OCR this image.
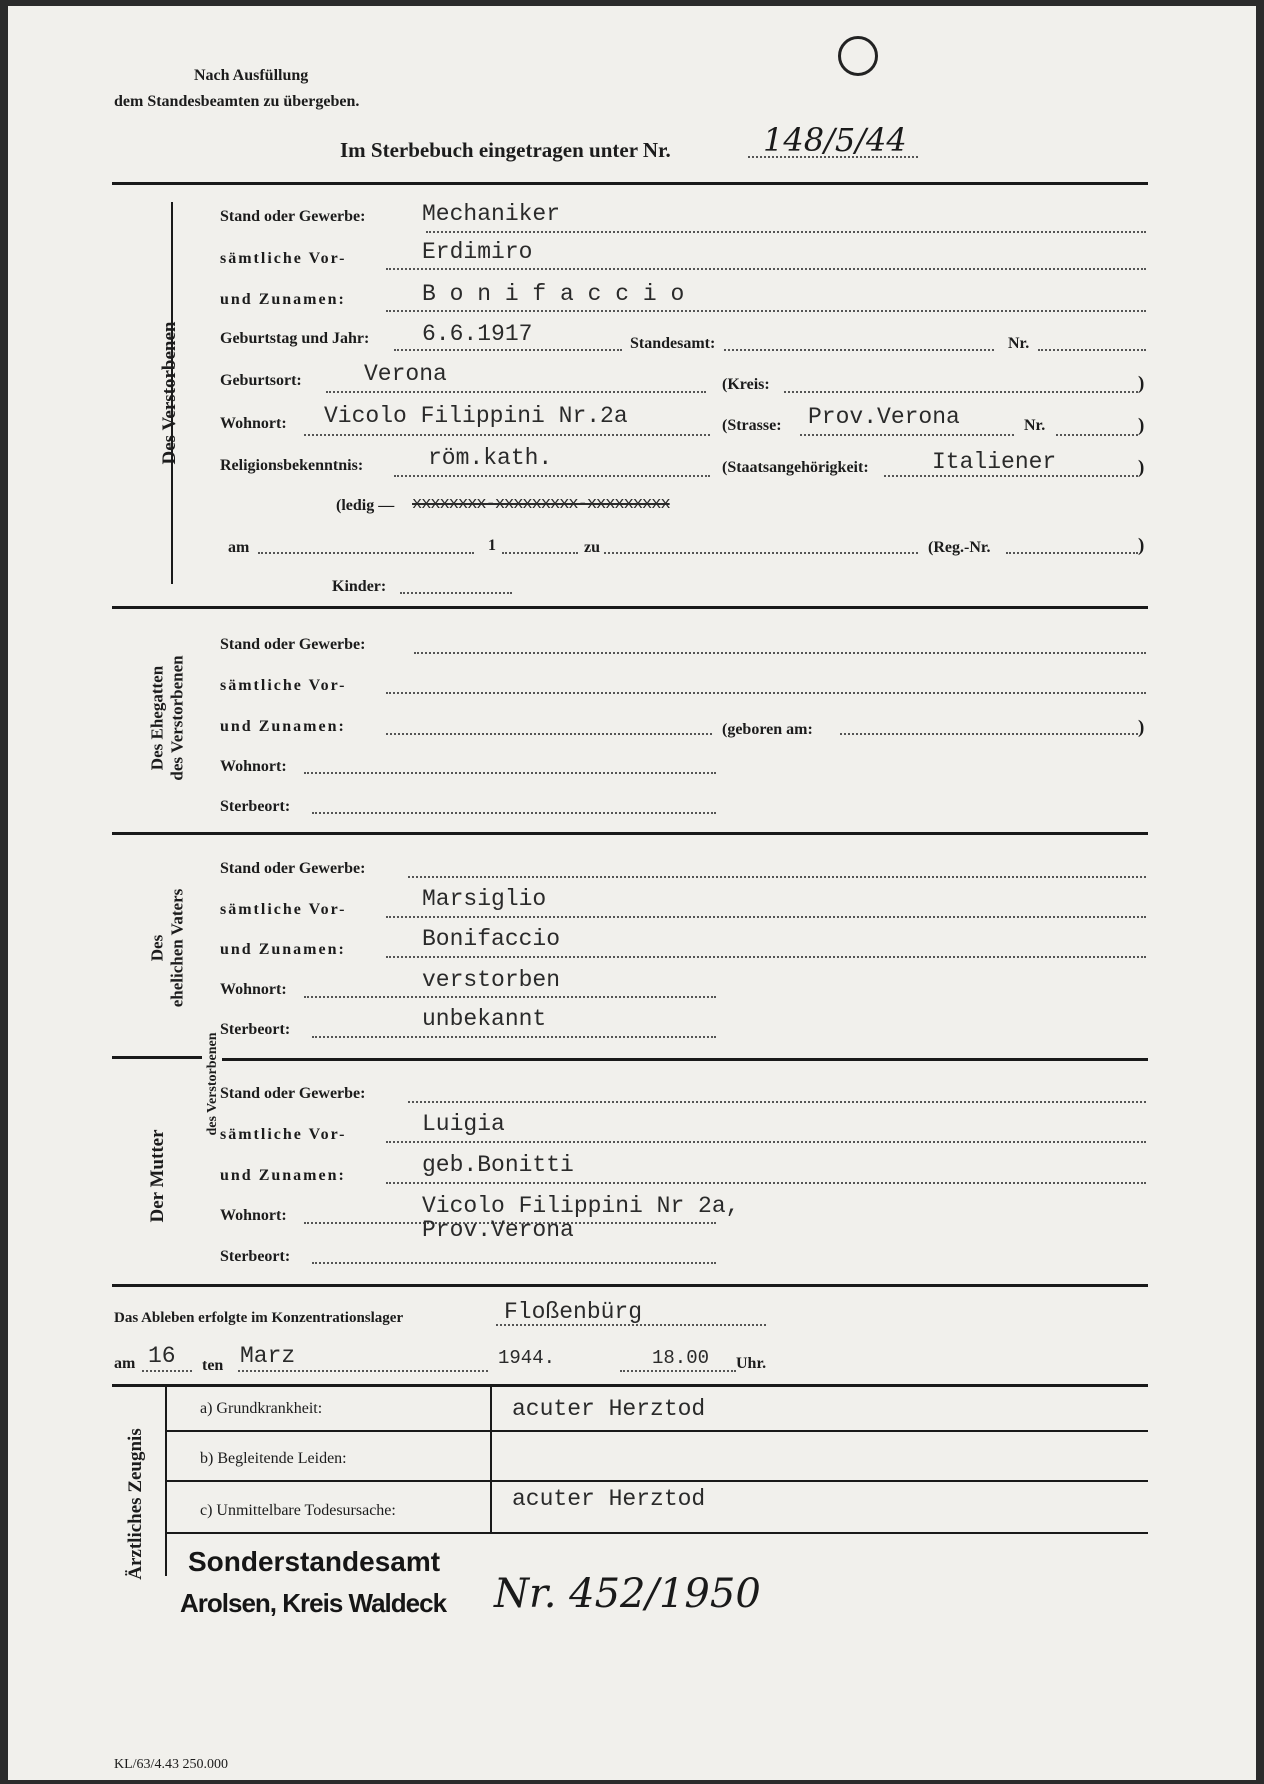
Nach Ausfüllung
dem Standesbeamten zu übergeben.
Im Sterbebuch eingetragen unter Nr.	148/5/44
Des Verstorbenen
Stand oder Gewerbe: Mechaniker
sämtliche Vor-	Erdimiro
und Zunamen:	B o n i f a c c i o
Geburtstag und Jahr: 6.6.1917	Standesamt:	Nr.
Geburtsort:	Verona	(Kreis:	)
Wohnort: Vicolo Filippini Nr.2a	(Strasse: Prov.Verona	Nr.	)
Religionsbekenntnis:	röm.kath.	(Staatsangehörigkeit:	Italiener	)
(ledig — xxxxxxxx-xxxxxxxxx-xxxxxxxxx
am	1	zu	(Reg.-Nr.	)
Kinder:
Des Ehegatten
des Verstorbenen
Stand oder Gewerbe:
sämtliche Vor-
und Zunamen:	(geboren am:	)
Wohnort:
Sterbeort:
Des
ehelichen Vaters
des Verstorbenen
Stand oder Gewerbe:
sämtliche Vor-	Marsiglio
und Zunamen:	Bonifaccio
Wohnort:	verstorben
Sterbeort:	unbekannt
Der Mutter
Stand oder Gewerbe:
sämtliche Vor-	Luigia
und Zunamen:	geb.Bonitti
Wohnort:	Vicolo Filippini Nr 2a,
Prov.Verona
Sterbeort:
Das Ableben erfolgte im Konzentrationslager	Floßenbürg
am 16 ten Marz	1944.	18.00 Uhr.
Ärztliches Zeugnis
a) Grundkrankheit:	acuter Herztod
b) Begleitende Leiden:
c) Unmittelbare Todesursache:	acuter Herztod
Sonderstandesamt
Arolsen, Kreis Waldeck Nr. 452/1950
KL/63/4.43 250.000
